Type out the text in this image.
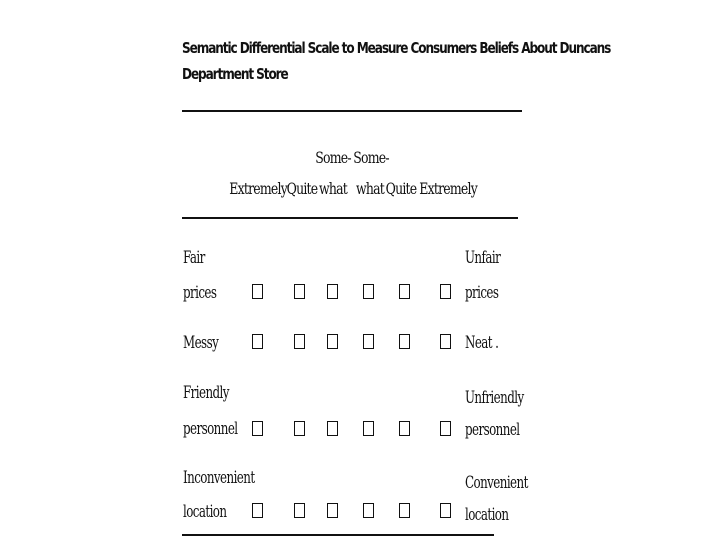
Semantic Differential Scale to Measure Consumers Beliefs About Duncans
Department Store
Some- Some-
Extremely Quite what what Quite Extremely
Fair
prices
Unfair
prices
Messy	Neat .
Friendly
personnel
Unfriendly
personnel
Inconvenient
location
Convenient
location
